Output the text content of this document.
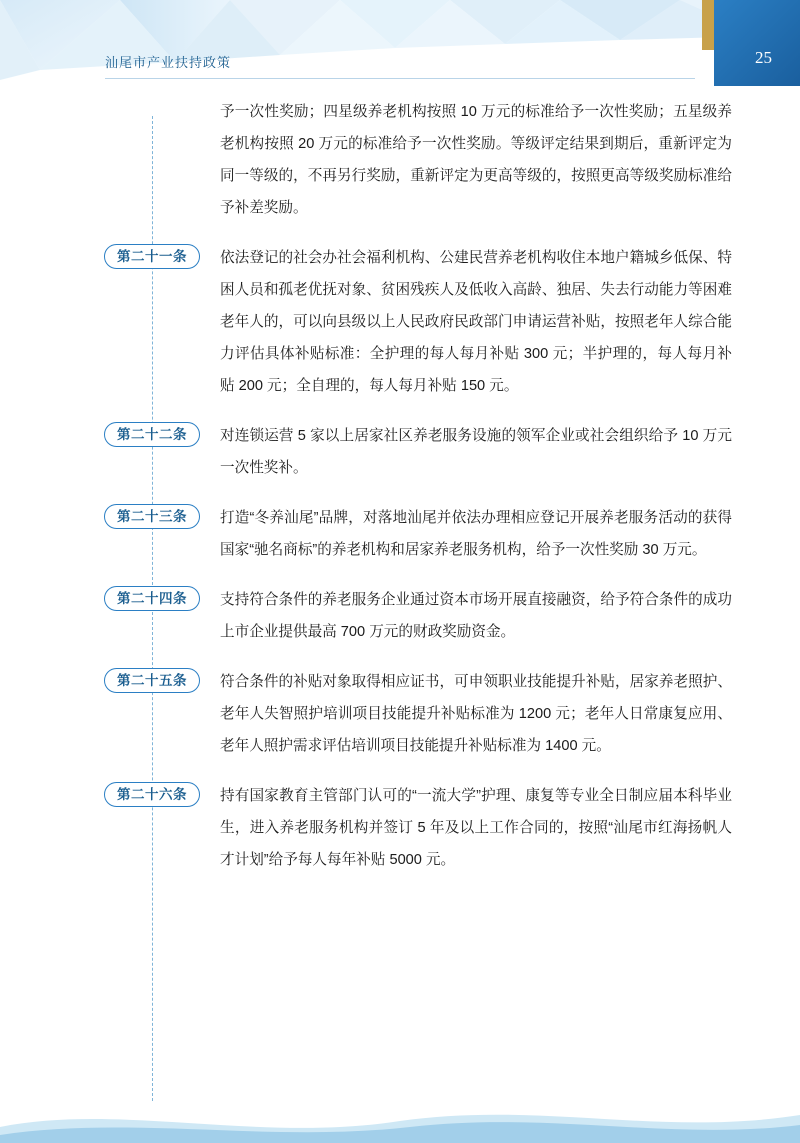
汕尾市产业扶持政策	25
予一次性奖励；四星级养老机构按照 10 万元的标准给予一次性奖励；五星级养老机构按照 20 万元的标准给予一次性奖励。等级评定结果到期后，重新评定为同一等级的，不再另行奖励，重新评定为更高等级的，按照更高等级奖励标准给予补差奖励。
第二十一条	依法登记的社会办社会福利机构、公建民营养老机构收住本地户籍城乡低保、特困人员和孤老优抚对象、贫困残疾人及低收入高龄、独居、失去行动能力等困难老年人的，可以向县级以上人民政府民政部门申请运营补贴，按照老年人综合能力评估具体补贴标准：全护理的每人每月补贴 300 元；半护理的，每人每月补贴 200 元；全自理的，每人每月补贴 150 元。
第二十二条	对连锁运营 5 家以上居家社区养老服务设施的领军企业或社会组织给予 10 万元一次性奖补。
第二十三条	打造“冬养汕尾”品牌，对落地汕尾并依法办理相应登记开展养老服务活动的获得国家“驰名商标”的养老机构和居家养老服务机构，给予一次性奖励 30 万元。
第二十四条	支持符合条件的养老服务企业通过资本市场开展直接融资，给予符合条件的成功上市企业提供最高 700 万元的财政奖励资金。
第二十五条	符合条件的补贴对象取得相应证书，可申领职业技能提升补贴，居家养老照护、老年人失智照护培训项目技能提升补贴标准为 1200 元；老年人日常康复应用、老年人照护需求评估培训项目技能提升补贴标准为 1400 元。
第二十六条	持有国家教育主管部门认可的“一流大学”护理、康复等专业全日制应届本科毕业生，进入养老服务机构并签订 5 年及以上工作合同的，按照“汕尾市红海扬帆人才计划”给予每人每年补贴 5000 元。
